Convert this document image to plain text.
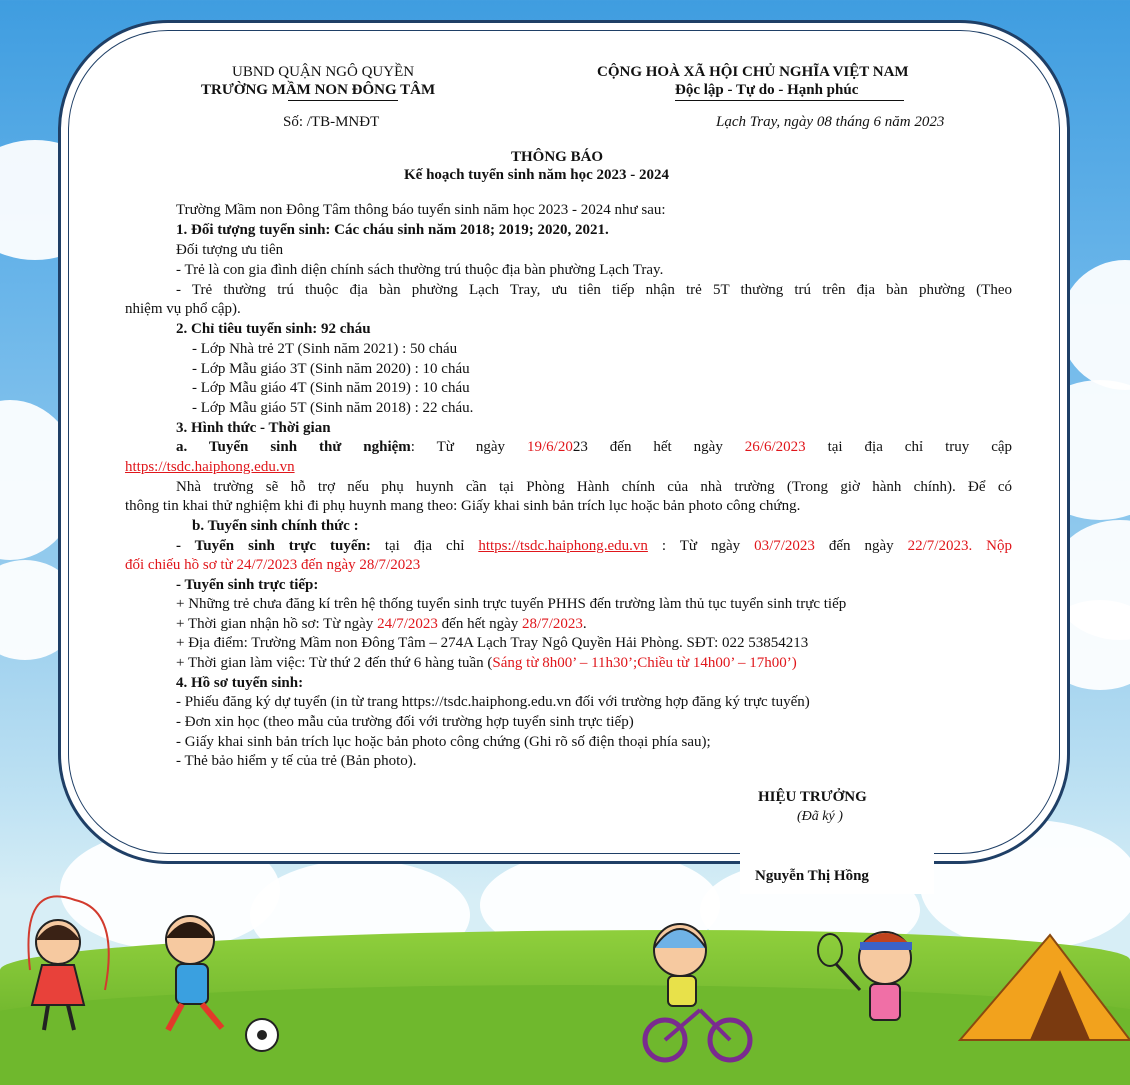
UBND QUẬN NGÔ QUYỀN
TRƯỜNG MẦM NON ĐÔNG TÂM
Số: /TB-MNĐT
CỘNG HOÀ XÃ HỘI CHỦ NGHĨA VIỆT NAM
Độc lập - Tự do - Hạnh phúc
Lạch Tray, ngày 08 tháng 6 năm 2023
THÔNG BÁO
Kế hoạch tuyển sinh năm học 2023 - 2024
Trường Mầm non Đông Tâm thông báo tuyển sinh năm học 2023 - 2024 như sau:
1. Đối tượng tuyển sinh: Các cháu sinh năm 2018; 2019; 2020, 2021.
Đối tượng ưu tiên
- Trẻ là con gia đình diện chính sách thường trú thuộc địa bàn phường Lạch Tray.
- Trẻ thường trú thuộc địa bàn phường Lạch Tray, ưu tiên tiếp nhận trẻ 5T thường trú trên địa bàn phường (Theo
nhiệm vụ phổ cập).
2. Chỉ tiêu tuyển sinh: 92 cháu
- Lớp Nhà trẻ 2T (Sinh năm 2021) : 50 cháu
- Lớp Mẫu giáo 3T (Sinh năm 2020) : 10 cháu
- Lớp Mẫu giáo 4T (Sinh năm 2019) : 10 cháu
- Lớp Mẫu giáo 5T (Sinh năm 2018) : 22 cháu.
3. Hình thức - Thời gian
a. Tuyển sinh thử nghiệm: Từ ngày 19/6/2023 đến hết ngày 26/6/2023 tại địa chỉ truy cập
https://tsdc.haiphong.edu.vn
Nhà trường sẽ hỗ trợ nếu phụ huynh cần tại Phòng Hành chính của nhà trường (Trong giờ hành chính). Để có
thông tin khai thử nghiệm khi đi phụ huynh mang theo: Giấy khai sinh bản trích lục hoặc bản photo công chứng.
b. Tuyển sinh chính thức :
- Tuyển sinh trực tuyến: tại địa chỉ https://tsdc.haiphong.edu.vn : Từ ngày 03/7/2023 đến ngày 22/7/2023. Nộp
đối chiếu hồ sơ từ 24/7/2023 đến ngày 28/7/2023
- Tuyển sinh trực tiếp:
+ Những trẻ chưa đăng kí trên hệ thống tuyển sinh trực tuyến PHHS đến trường làm thủ tục tuyển sinh trực tiếp
+ Thời gian nhận hồ sơ: Từ ngày 24/7/2023 đến hết ngày 28/7/2023.
+ Địa điểm: Trường Mầm non Đông Tâm – 274A Lạch Tray Ngô Quyền Hải Phòng. SĐT: 022 53854213
+ Thời gian làm việc: Từ thứ 2 đến thứ 6 hàng tuần (Sáng từ 8h00’ – 11h30’;Chiều từ 14h00’ – 17h00’)
4. Hồ sơ tuyển sinh:
- Phiếu đăng ký dự tuyển (in từ trang https://tsdc.haiphong.edu.vn đối với trường hợp đăng ký trực tuyến)
- Đơn xin học (theo mẫu của trường đối với trường hợp tuyển sinh trực tiếp)
- Giấy khai sinh bản trích lục hoặc bản photo công chứng (Ghi rõ số điện thoại phía sau);
- Thẻ bảo hiểm y tế của trẻ (Bản photo).
HIỆU TRƯỞNG
(Đã ký )
Nguyễn Thị Hồng
